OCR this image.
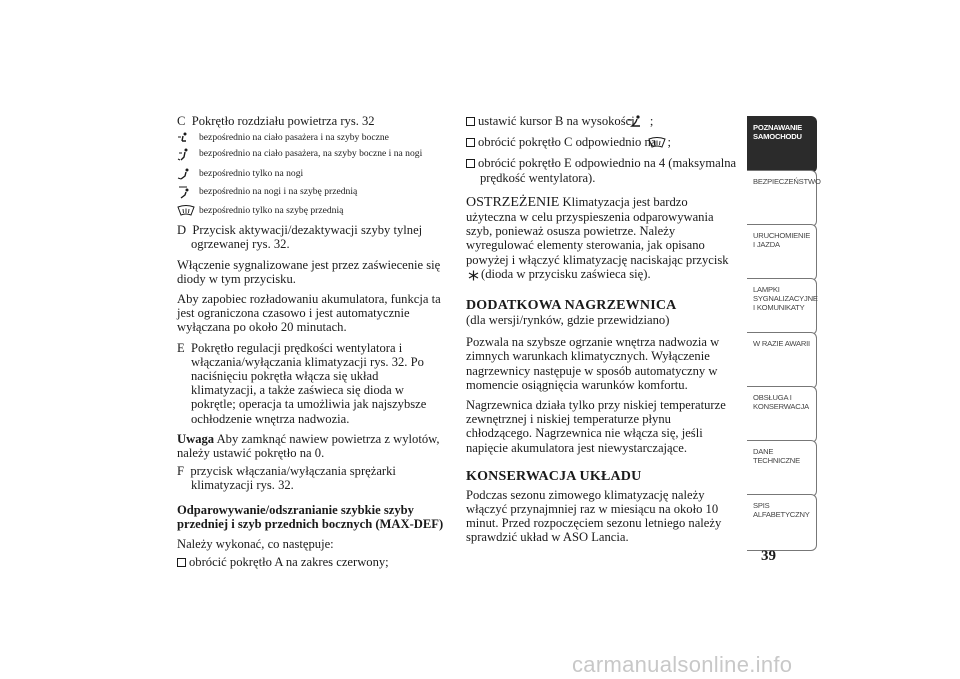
C Pokrętło rozdziału powietrza rys. 32

bezpośrednio na ciało pasażera i na szyby boczne
bezpośrednio na ciało pasażera, na szyby boczne i na nogi
bezpośrednio tylko na nogi
bezpośrednio na nogi i na szybę przednią
bezpośrednio tylko na szybę przednią

D Przycisk aktywacji/dezaktywacji szyby tylnej ogrzewanej rys. 32.

Włączenie sygnalizowane jest przez zaświecenie się diody w tym przycisku.

Aby zapobiec rozładowaniu akumulatora, funkcja ta jest ograniczona czasowo i jest automatycznie wyłączana po około 20 minutach.

E Pokrętło regulacji prędkości wentylatora i włączania/wyłączania klimatyzacji rys. 32. Po naciśnięciu pokrętła włącza się układ klimatyzacji, a także zaświeca się dioda w pokrętle; operacja ta umożliwia jak najszybsze ochłodzenie wnętrza nadwozia.

Uwaga Aby zamknąć nawiew powietrza z wylotów, należy ustawić pokrętło na 0.

F przycisk włączania/wyłączania sprężarki klimatyzacji rys. 32.

Odparowywanie/odszranianie szybkie szyby przedniej i szyb przednich bocznych (MAX-DEF)

Należy wykonać, co następuje:

obrócić pokrętło A na zakres czerwony;

ustawić kursor B na wysokości ;

obrócić pokrętło C odpowiednio na ;

obrócić pokrętło E odpowiednio na 4 (maksymalna prędkość wentylatora).

OSTRZEŻENIE Klimatyzacja jest bardzo użyteczna w celu przyspieszenia odparowywania szyb, ponieważ osusza powietrze. Należy wyregulować elementy sterowania, jak opisano powyżej i włączyć klimatyzację naciskając przycisk (dioda w przycisku zaświeca się).

DODATKOWA NAGRZEWNICA

(dla wersji/rynków, gdzie przewidziano)

Pozwala na szybsze ogrzanie wnętrza nadwozia w zimnych warunkach klimatycznych. Wyłączenie nagrzewnicy następuje w sposób automatyczny w momencie osiągnięcia warunków komfortu.

Nagrzewnica działa tylko przy niskiej temperaturze zewnętrznej i niskiej temperaturze płynu chłodzącego. Nagrzewnica nie włącza się, jeśli napięcie akumulatora jest niewystarczające.

KONSERWACJA UKŁADU

Podczas sezonu zimowego klimatyzację należy włączyć przynajmniej raz w miesiącu na około 10 minut. Przed rozpoczęciem sezonu letniego należy sprawdzić układ w ASO Lancia.

POZNAWANIE SAMOCHODU
BEZPIECZEŃSTWO
URUCHOMIENIE I JAZDA
LAMPKI SYGNALIZACYJNE I KOMUNIKATY
W RAZIE AWARII
OBSŁUGA I KONSERWACJA
DANE TECHNICZNE
SPIS ALFABETYCZNY
39
carmanualsonline.info
